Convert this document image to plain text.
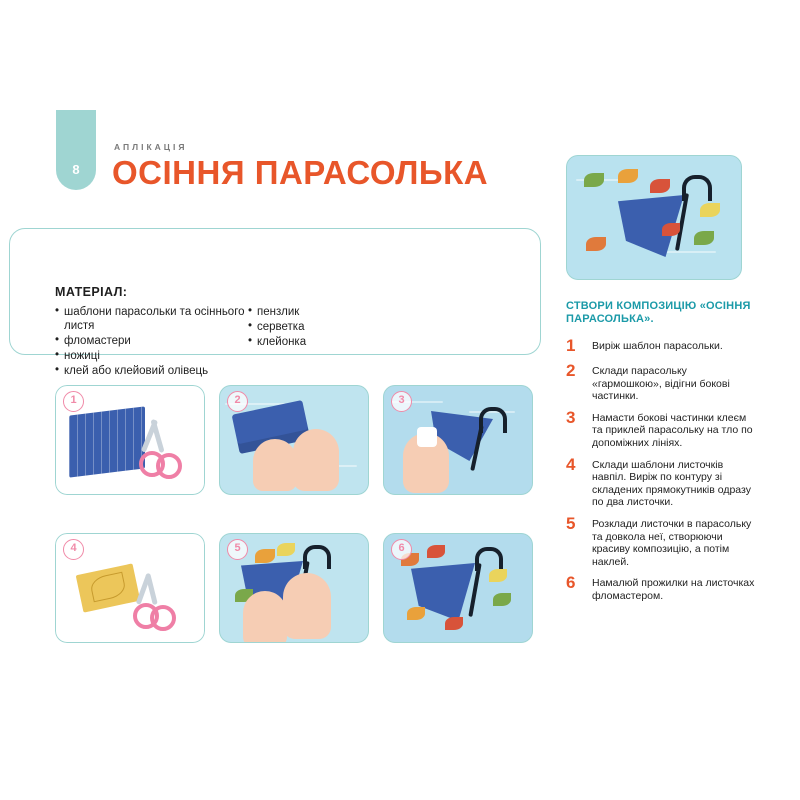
8
АПЛІКАЦІЯ
ОСІННЯ ПАРАСОЛЬКА
МАТЕРІАЛ:
• шаблони парасольки та осіннього листя
• фломастери
• ножиці
• клей або клейовий олівець
• пензлик
• серветка
• клейонка
1	2	3
4	5	6
СТВОРИ КОМПОЗИЦІЮ «ОСІННЯ ПАРАСОЛЬКА».
1 Виріж шаблон парасольки.
2 Склади парасольку «гармошкою», відігни бокові частинки.
3 Намасти бокові частинки клеєм та приклей парасольку на тло по допоміжних лініях.
4 Склади шаблони листочків навпіл. Виріж по контуру зі складених прямокутників одразу по два листочки.
5 Розклади листочки в парасольку та довкола неї, створюючи красиву композицію, а потім наклей.
6 Намалюй прожилки на листочках фломастером.
